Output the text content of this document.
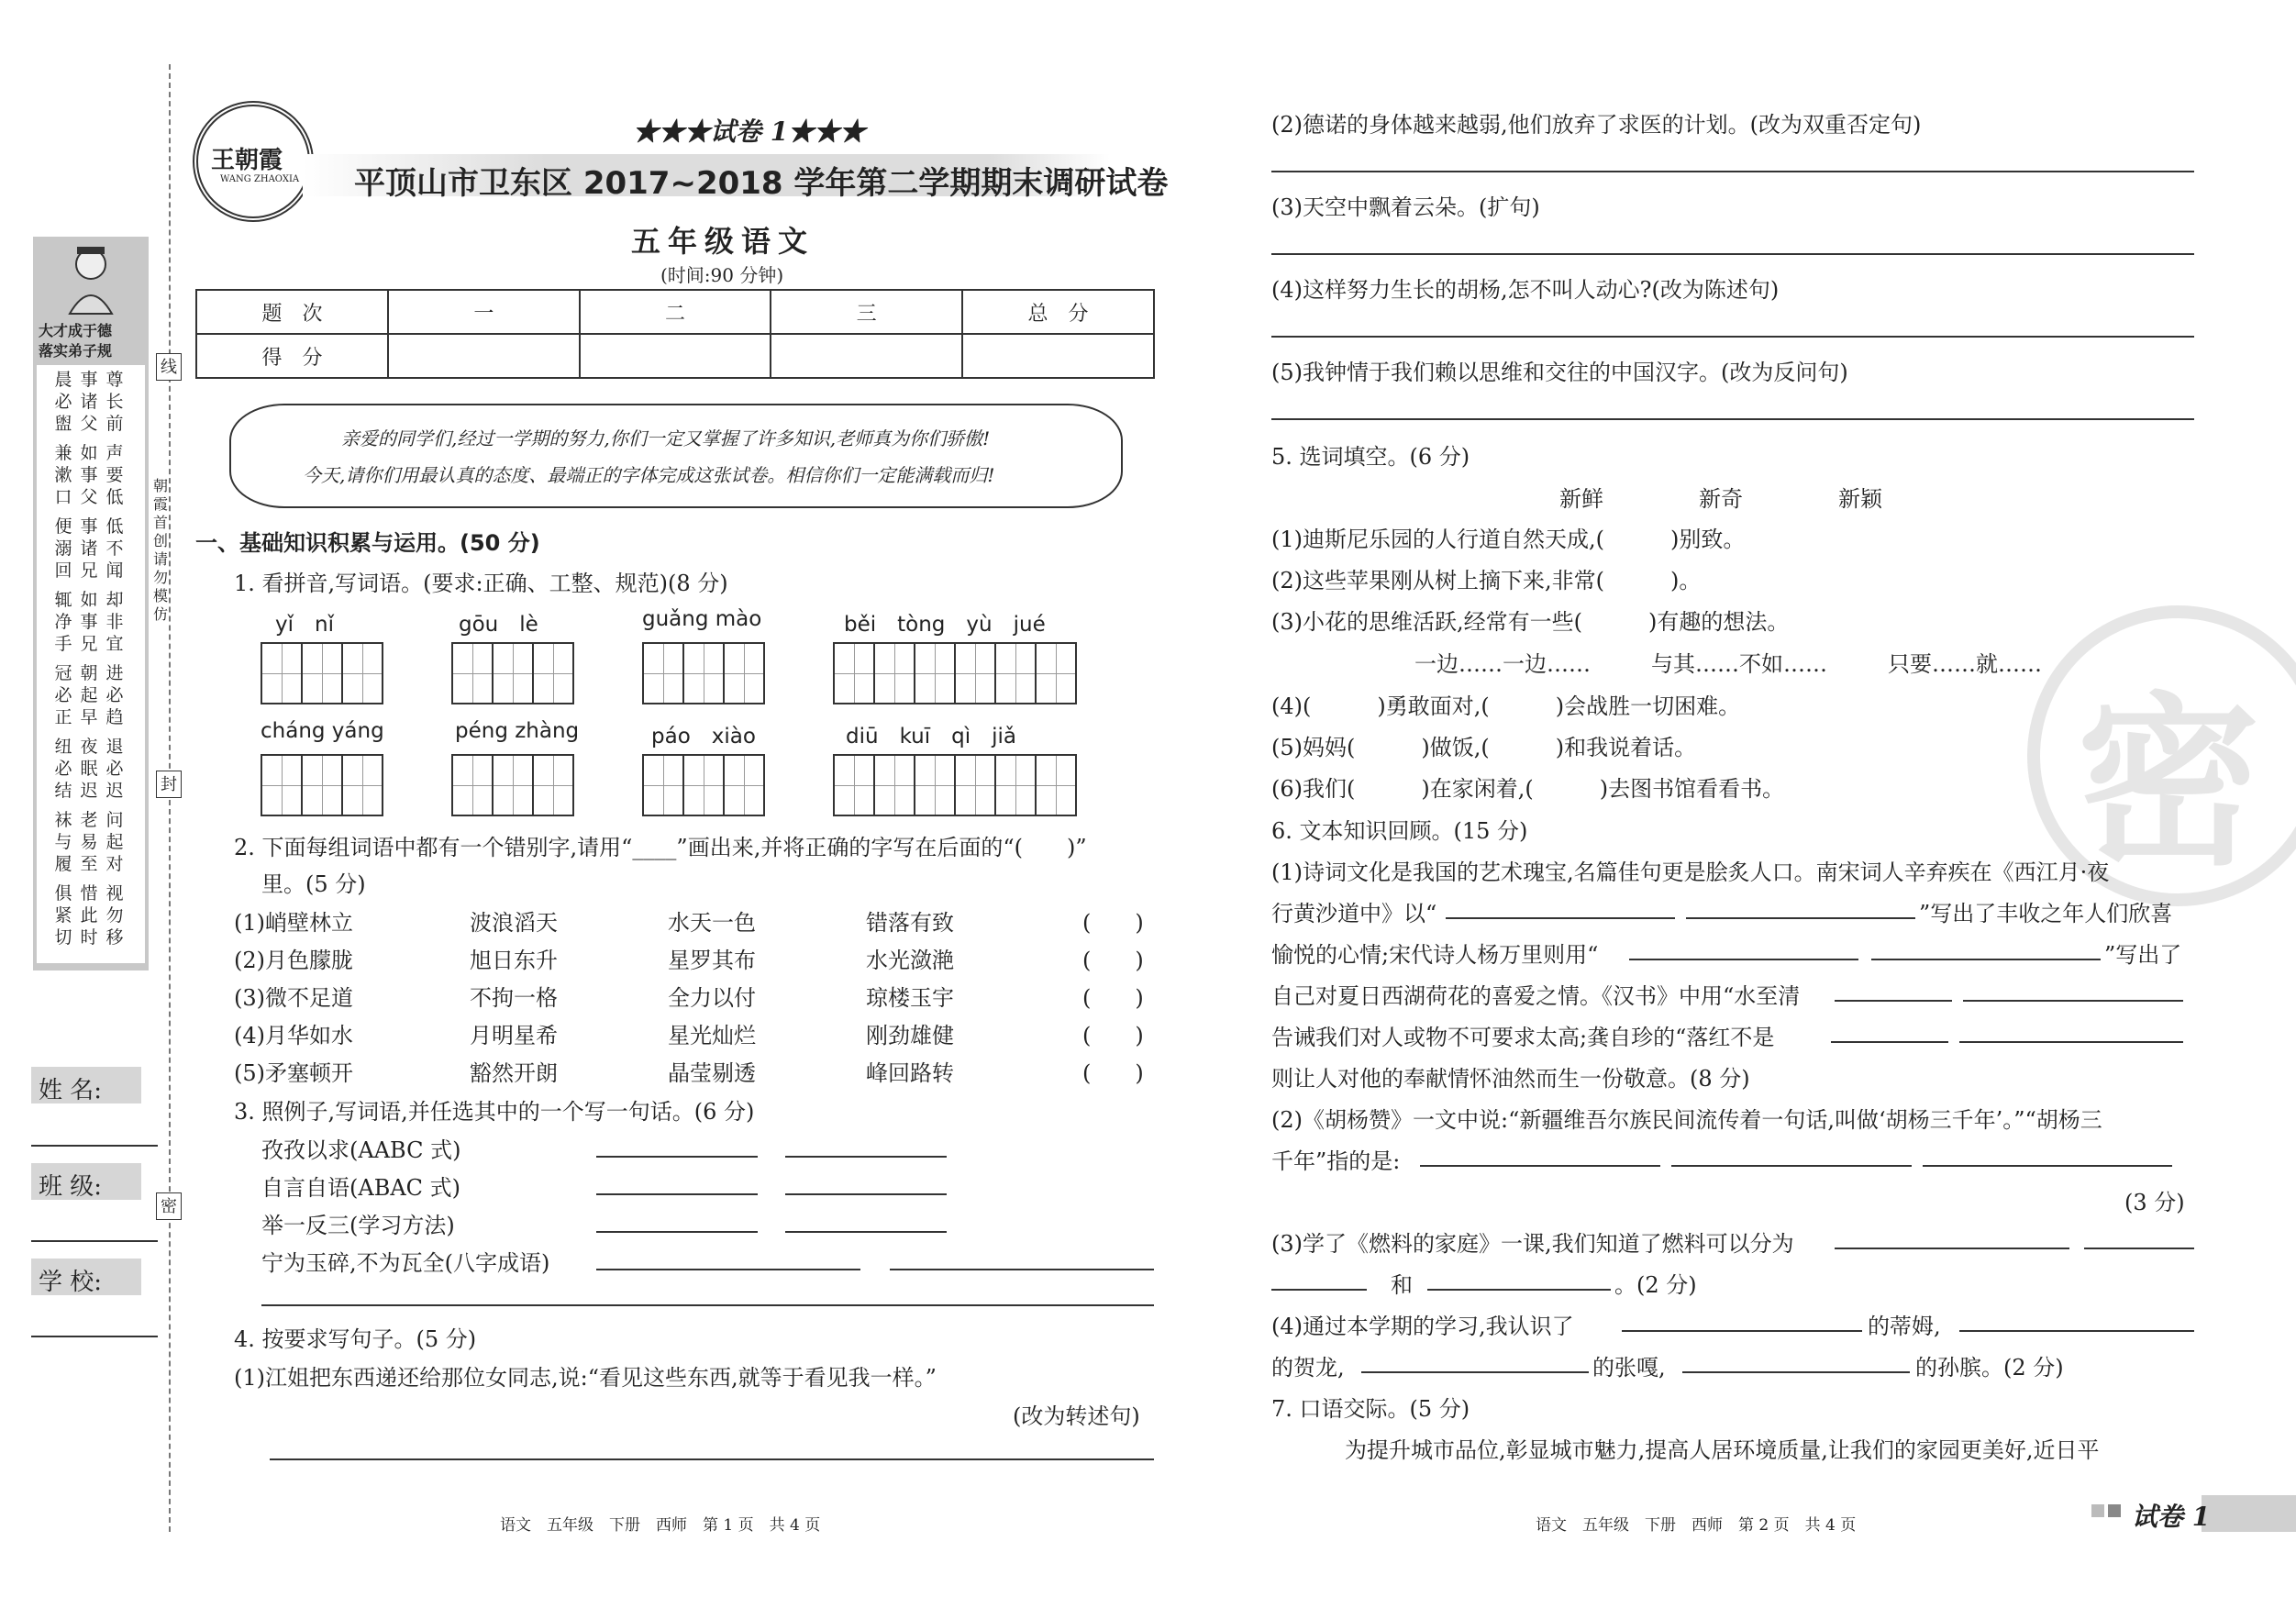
线
封
密
朝霞首创　请勿模仿
大才成于德
落实弟子规
晨必盥
事诸父
尊长前
兼漱口
如事父
声要低
便溺回
事诸兄
低不闻
辄净手
如事兄
却非宜
冠必正
朝起早
进必趋
纽必结
夜眠迟
退必迟
袜与履
老易至
问起对
俱紧切
惜此时
视勿移
姓 名:
班 级:
学 校:
王朝霞
WANG ZHAOXIA
★★★试卷 1★★★
平顶山市卫东区 2017~2018 学年第二学期期末调研试卷
五年级语文
(时间:90 分钟)
题　次	一	二	三	总　分
得　分				
亲爱的同学们,经过一学期的努力,你们一定又掌握了许多知识,老师真为你们骄傲!
今天,请你们用最认真的态度、最端正的字体完成这张试卷。相信你们一定能满载而归!
一、基础知识积累与运用。(50 分)
1. 看拼音,写词语。(要求:正确、工整、规范)(8 分)
yǐ　nǐ	gōu　lè	guǎng mào	běi　tòng　yù　jué
cháng yáng	péng zhàng	páo　xiào	diū　kuī　qì　jiǎ
2. 下面每组词语中都有一个错别字,请用“____”画出来,并将正确的字写在后面的“(　　)”
里。(5 分)
(1)峭壁林立	波浪滔天	水天一色	错落有致	(　　)
(2)月色朦胧	旭日东升	星罗其布	水光潋滟	(　　)
(3)微不足道	不拘一格	全力以付	琼楼玉宇	(　　)
(4)月华如水	月明星希	星光灿烂	刚劲雄健	(　　)
(5)矛塞顿开	豁然开朗	晶莹剔透	峰回路转	(　　)
3. 照例子,写词语,并任选其中的一个写一句话。(6 分)
孜孜以求(AABC 式)
自言自语(ABAC 式)
举一反三(学习方法)
宁为玉碎,不为瓦全(八字成语)
4. 按要求写句子。(5 分)
(1)江姐把东西递还给那位女同志,说:“看见这些东西,就等于看见我一样。”
(改为转述句)
语文　五年级　下册　西师　第 1 页　共 4 页
密
(2)德诺的身体越来越弱,他们放弃了求医的计划。(改为双重否定句)
(3)天空中飘着云朵。(扩句)
(4)这样努力生长的胡杨,怎不叫人动心?(改为陈述句)
(5)我钟情于我们赖以思维和交往的中国汉字。(改为反问句)
5. 选词填空。(6 分)
新鲜	新奇	新颖
(1)迪斯尼乐园的人行道自然天成,(　　　)别致。
(2)这些苹果刚从树上摘下来,非常(　　　)。
(3)小花的思维活跃,经常有一些(　　　)有趣的想法。
一边……一边……	与其……不如……	只要……就……
(4)(　　　)勇敢面对,(　　　)会战胜一切困难。
(5)妈妈(　　　)做饭,(　　　)和我说着话。
(6)我们(　　　)在家闲着,(　　　)去图书馆看看书。
6. 文本知识回顾。(15 分)
(1)诗词文化是我国的艺术瑰宝,名篇佳句更是脍炙人口。南宋词人辛弃疾在《西江月·夜
行黄沙道中》以“	”写出了丰收之年人们欣喜
愉悦的心情;宋代诗人杨万里则用“	”写出了
自己对夏日西湖荷花的喜爱之情。《汉书》中用“水至清
告诫我们对人或物不可要求太高;龚自珍的“落红不是
则让人对他的奉献情怀油然而生一份敬意。(8 分)
(2)《胡杨赞》一文中说:“新疆维吾尔族民间流传着一句话,叫做‘胡杨三千年’。”“胡杨三
千年”指的是:
(3 分)
(3)学了《燃料的家庭》一课,我们知道了燃料可以分为
和	。(2 分)
(4)通过本学期的学习,我认识了	的蒂姆,
的贺龙,	的张嘎,	的孙膑。(2 分)
7. 口语交际。(5 分)
为提升城市品位,彰显城市魅力,提高人居环境质量,让我们的家园更美好,近日平
语文　五年级　下册　西师　第 2 页　共 4 页	试卷 1
